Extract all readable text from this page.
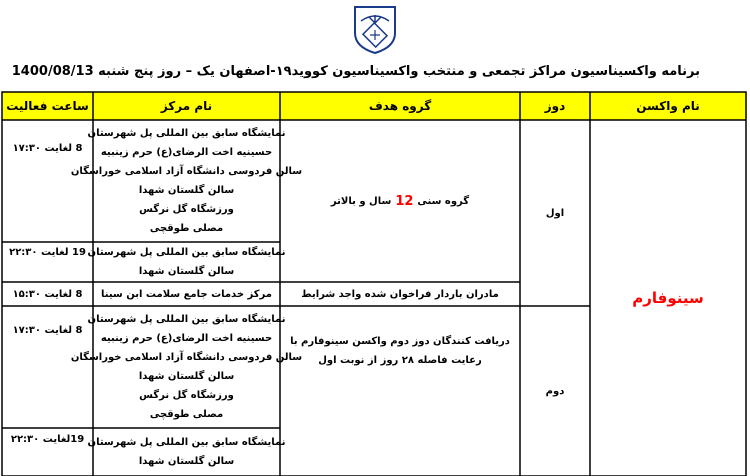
برنامه واکسیناسیون مراکز تجمعی و منتخب واکسیناسیون کووید۱۹-اصفهان یک – روز پنج شنبه 1400/08/13
نام واکسن
دوز
گروه هدف
نام مرکز
ساعت فعالیت
سینوفارم
اول
دوم
گروه سنی
12
سال و بالاتر
مادران باردار فراخوان شده واجد شرایط
دریافت کنندگان دوز دوم واکسن سینوفارم با
رعایت فاصله ۲۸ روز از نوبت اول
نمایشگاه سابق بین المللی پل شهرستان
حسینیه اخت الرضای(ع) حرم زینبیه
سالن فردوسی دانشگاه آزاد اسلامی خوراسگان
سالن گلستان شهدا
ورزشگاه گل نرگس
مصلی طوقچی
8 لغایت ۱۷:۳۰
نمایشگاه سابق بین المللی پل شهرستان
سالن گلستان شهدا
19 لغایت ۲۲:۳۰
مرکز خدمات جامع سلامت ابن سینا
8 لغایت ۱۵:۳۰
نمایشگاه سابق بین المللی پل شهرستان
حسینیه اخت الرضای(ع) حرم زینبیه
سالن فردوسی دانشگاه آزاد اسلامی خوراسگان
سالن گلستان شهدا
ورزشگاه گل نرگس
مصلی طوقچی
8 لغایت ۱۷:۳۰
نمایشگاه سابق بین المللی پل شهرستان
سالن گلستان شهدا
19لغایت ۲۲:۳۰
